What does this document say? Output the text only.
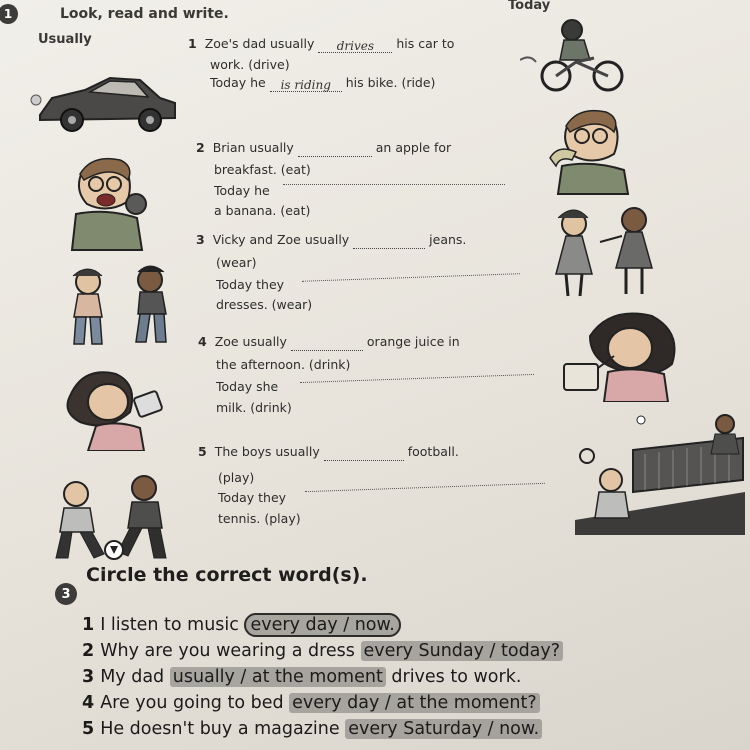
1	Look, read and write.
Usually
Today
1 Zoe's dad usually drives his car to
work. (drive)
Today he is riding his bike. (ride)
2 Brian usually	an apple for
breakfast. (eat)
Today he
a banana. (eat)
3 Vicky and Zoe usually	jeans.
(wear)
Today they
dresses. (wear)
4 Zoe usually	orange juice in
the afternoon. (drink)
Today she
milk. (drink)
5 The boys usually	football.
(play)
Today they
tennis. (play)
3
Circle the correct word(s).
1 I listen to music every day / now.
2 Why are you wearing a dress every Sunday / today?
3 My dad usually / at the moment drives to work.
4 Are you going to bed every day / at the moment?
5 He doesn't buy a magazine every Saturday / now.
